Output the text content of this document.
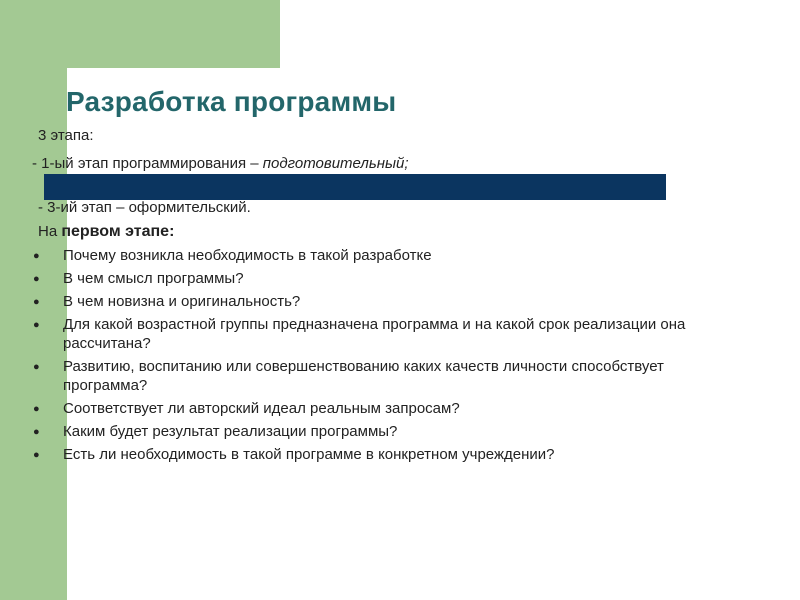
Разработка программы
3 этапа:
- 1-ый этап программирования – подготовительный;
- 3-ий этап – оформительский.
На первом этапе:
● Почему возникла необходимость в такой разработке
● В чем смысл программы?
● В чем новизна и оригинальность?
● Для какой возрастной группы предназначена программа и на какой срок реализации она рассчитана?
● Развитию, воспитанию или совершенствованию каких качеств личности способствует программа?
● Соответствует ли авторский идеал реальным запросам?
● Каким будет результат реализации программы?
● Есть ли необходимость в такой программе в конкретном учреждении?
